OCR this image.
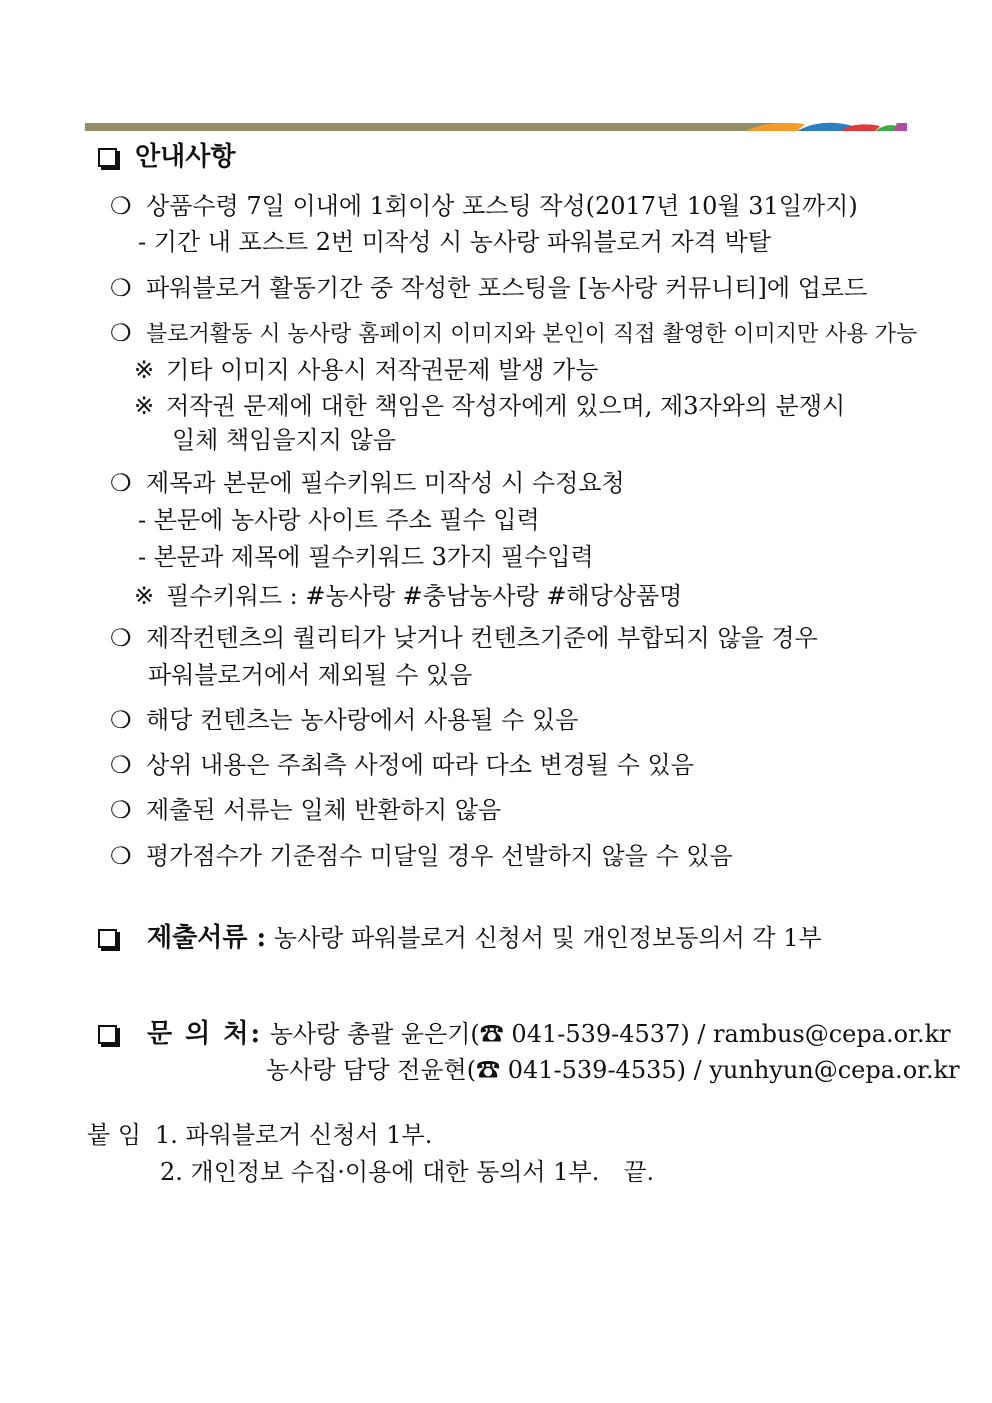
안내사항
❍ 상품수령 7일 이내에 1회이상 포스팅 작성(2017년 10월 31일까지)
- 기간 내 포스트 2번 미작성 시 농사랑 파워블로거 자격 박탈
❍ 파워블로거 활동기간 중 작성한 포스팅을 [농사랑 커뮤니티]에 업로드
❍ 블로거활동 시 농사랑 홈페이지 이미지와 본인이 직접 촬영한 이미지만 사용 가능
※ 기타 이미지 사용시 저작권문제 발생 가능
※ 저작권 문제에 대한 책임은 작성자에게 있으며, 제3자와의 분쟁시
일체 책임을지지 않음
❍ 제목과 본문에 필수키워드 미작성 시 수정요청
- 본문에 농사랑 사이트 주소 필수 입력
- 본문과 제목에 필수키워드 3가지 필수입력
※ 필수키워드 : #농사랑 #충남농사랑 #해당상품명
❍ 제작컨텐츠의 퀄리티가 낮거나 컨텐츠기준에 부합되지 않을 경우
파워블로거에서 제외될 수 있음
❍ 해당 컨텐츠는 농사랑에서 사용될 수 있음
❍ 상위 내용은 주최측 사정에 따라 다소 변경될 수 있음
❍ 제출된 서류는 일체 반환하지 않음
❍ 평가점수가 기준점수 미달일 경우 선발하지 않을 수 있음
제출서류 : 농사랑 파워블로거 신청서 및 개인정보동의서 각 1부
문 의 처: 농사랑 총괄 윤은기(☎ 041-539-4537) / rambus@cepa.or.kr
농사랑 담당 전윤현(☎ 041-539-4535) / yunhyun@cepa.or.kr
붙 임 1. 파워블로거 신청서 1부.
2. 개인정보 수집·이용에 대한 동의서 1부. 끝.
